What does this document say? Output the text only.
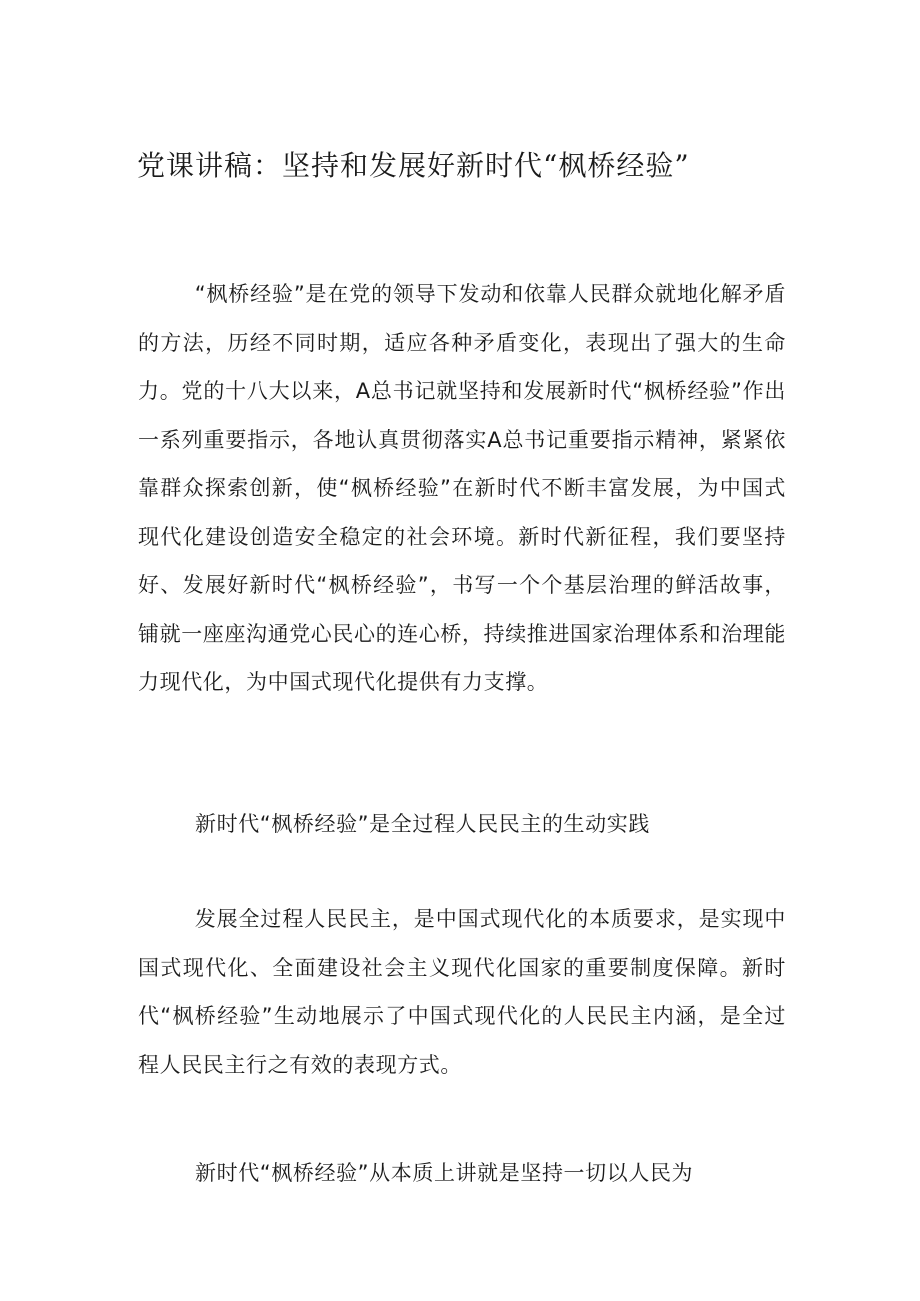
党课讲稿：坚持和发展好新时代“枫桥经验”

“枫桥经验”是在党的领导下发动和依靠人民群众就地化解矛盾的方法，历经不同时期，适应各种矛盾变化，表现出了强大的生命力。党的十八大以来，A总书记就坚持和发展新时代“枫桥经验”作出一系列重要指示，各地认真贯彻落实A总书记重要指示精神，紧紧依靠群众探索创新，使“枫桥经验”在新时代不断丰富发展，为中国式现代化建设创造安全稳定的社会环境。新时代新征程，我们要坚持好、发展好新时代“枫桥经验”，书写一个个基层治理的鲜活故事，铺就一座座沟通党心民心的连心桥，持续推进国家治理体系和治理能力现代化，为中国式现代化提供有力支撑。

新时代“枫桥经验”是全过程人民民主的生动实践

发展全过程人民民主，是中国式现代化的本质要求，是实现中国式现代化、全面建设社会主义现代化国家的重要制度保障。新时代“枫桥经验”生动地展示了中国式现代化的人民民主内涵，是全过程人民民主行之有效的表现方式。

新时代“枫桥经验”从本质上讲就是坚持一切以人民为
